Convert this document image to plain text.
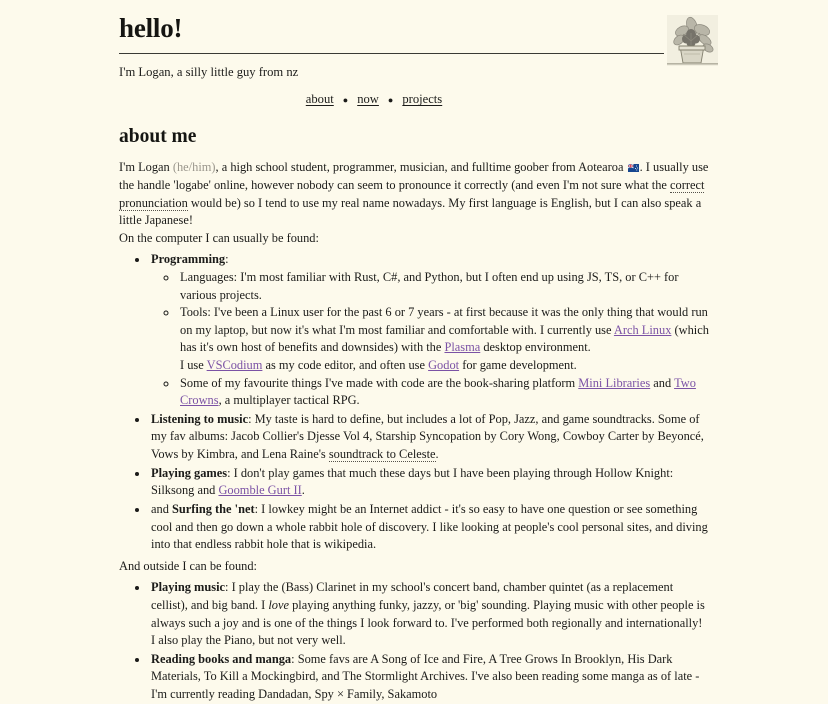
hello!

I'm Logan, a silly little guy from nz

about ● now ● projects
about me

I'm Logan (he/him), a high school student, programmer, musician, and fulltime goober from Aotearoa . I usually use the handle 'logabe' online, however nobody can seem to pronounce it correctly (and even I'm not sure what the correct pronunciation would be) so I tend to use my real name nowadays. My first language is English, but I can also speak a little Japanese!

On the computer I can usually be found:

• Programming:
◦ Languages: I'm most familiar with Rust, C#, and Python, but I often end up using JS, TS, or C++ for various projects.
◦ Tools: I've been a Linux user for the past 6 or 7 years - at first because it was the only thing that would run on my laptop, but now it's what I'm most familiar and comfortable with. I currently use Arch Linux (which has it's own host of benefits and downsides) with the Plasma desktop environment.
I use VSCodium as my code editor, and often use Godot for game development.
◦ Some of my favourite things I've made with code are the book-sharing platform Mini Libraries and Two Crowns, a multiplayer tactical RPG.
• Listening to music: My taste is hard to define, but includes a lot of Pop, Jazz, and game soundtracks. Some of my fav albums: Jacob Collier's Djesse Vol 4, Starship Syncopation by Cory Wong, Cowboy Carter by Beyoncé, Vows by Kimbra, and Lena Raine's soundtrack to Celeste.
• Playing games: I don't play games that much these days but I have been playing through Hollow Knight: Silksong and Goomble Gurt II.
• and Surfing the 'net: I lowkey might be an Internet addict - it's so easy to have one question or see something cool and then go down a whole rabbit hole of discovery. I like looking at people's cool personal sites, and diving into that endless rabbit hole that is wikipedia.

And outside I can be found:

• Playing music: I play the (Bass) Clarinet in my school's concert band, chamber quintet (as a replacement cellist), and big band. I love playing anything funky, jazzy, or 'big' sounding. Playing music with other people is always such a joy and is one of the things I look forward to. I've performed both regionally and internationally! I also play the Piano, but not very well.
• Reading books and manga: Some favs are A Song of Ice and Fire, A Tree Grows In Brooklyn, His Dark Materials, To Kill a Mockingbird, and The Stormlight Archives. I've also been reading some manga as of late - I'm currently reading Dandadan, Spy × Family, Sakamoto
